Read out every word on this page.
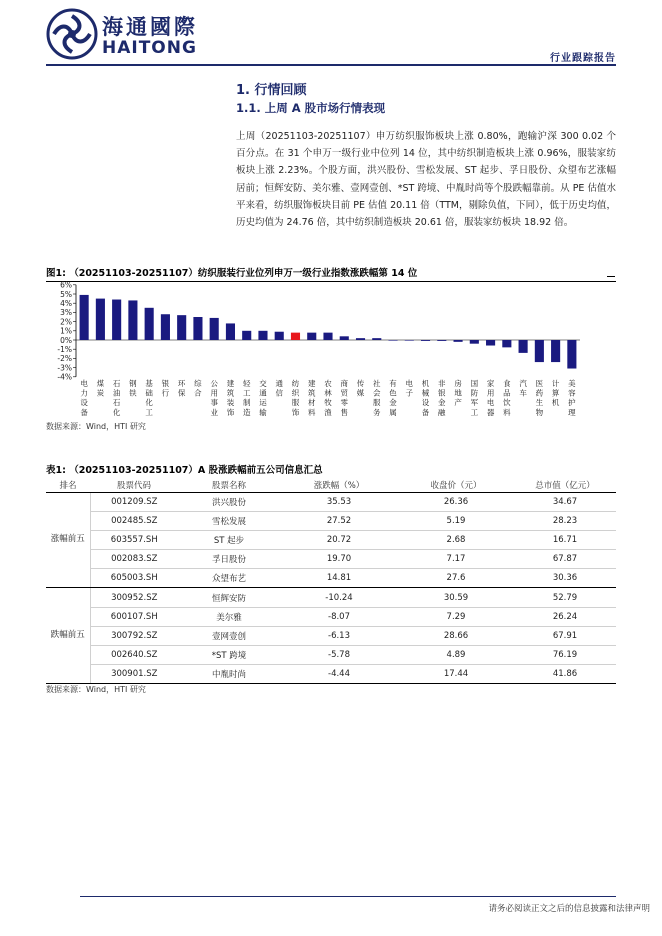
海通國際
HAITONG
行业跟踪报告
1. 行情回顾
1.1. 上周 A 股市场行情表现

上周（20251103-20251107）申万纺织服饰板块上涨 0.80%，跑输沪深 300 0.02 个百分点。在 31 个申万一级行业中位列 14 位，其中纺织制造板块上涨 0.96%，服装家纺板块上涨 2.23%。个股方面，洪兴股份、雪松发展、ST 起步、孚日股份、众望布艺涨幅居前；恒辉安防、美尔雅、壹网壹创、*ST 跨境、中胤时尚等个股跌幅靠前。从 PE 估值水平来看，纺织服饰板块目前 PE 估值 20.11 倍（TTM，剔除负值，下同），低于历史均值，历史均值为 24.76 倍，其中纺织制造板块 20.61 倍，服装家纺板块 18.92 倍。

图1: （20251103-20251107）纺织服装行业位列申万一级行业指数涨跌幅第 14 位
-4%
-3%
-2%
-1%
0%
1%
2%
3%
4%
5%
6%
电力设备
煤炭
石油石化
钢铁
基础化工
银行
环保
综合
公用事业
建筑装饰
轻工制造
交通运输
通信
纺织服饰
建筑材料
农林牧渔
商贸零售
传媒
社会服务
有色金属
电子
机械设备
非银金融
房地产
国防军工
家用电器
食品饮料
汽车
医药生物
计算机
美容护理
数据来源：Wind，HTI 研究
表1: （20251103-20251107）A 股涨跌幅前五公司信息汇总
排名	股票代码	股票名称	涨跌幅（%）	收盘价（元）	总市值（亿元）
涨幅前五	001209.SZ	洪兴股份	35.53	26.36	34.67
	002485.SZ	雪松发展	27.52	5.19	28.23
	603557.SH	ST 起步	20.72	2.68	16.71
	002083.SZ	孚日股份	19.70	7.17	67.87
	605003.SH	众望布艺	14.81	27.6	30.36
跌幅前五	300952.SZ	恒辉安防	-10.24	30.59	52.79
	600107.SH	美尔雅	-8.07	7.29	26.24
	300792.SZ	壹网壹创	-6.13	28.66	67.91
	002640.SZ	*ST 跨境	-5.78	4.89	76.19
	300901.SZ	中胤时尚	-4.44	17.44	41.86
数据来源：Wind，HTI 研究
请务必阅读正文之后的信息披露和法律声明
